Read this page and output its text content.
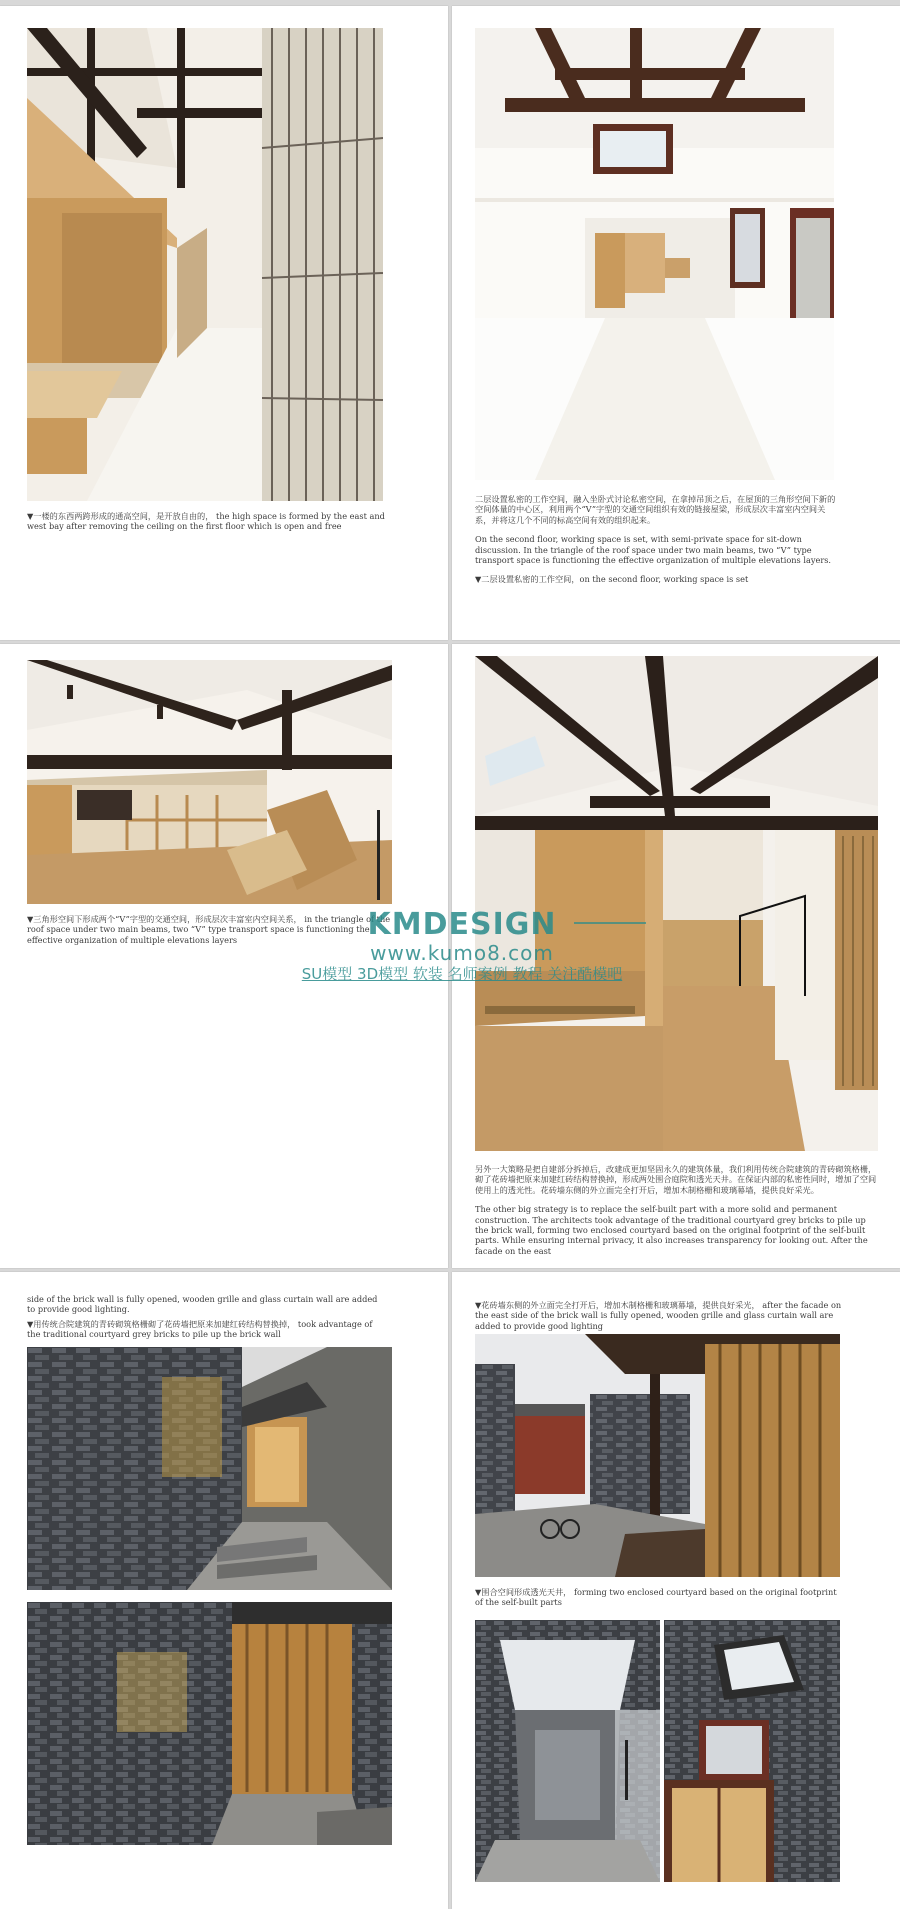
▼一楼的东西两跨形成的通高空间，是开放自由的， the high space is formed by the east and west bay after removing the ceiling on the first floor which is open and free

二层设置私密的工作空间，融入坐卧式讨论私密空间，在拿掉吊顶之后，在屋顶的三角形空间下新的空间体量的中心区，利用两个“V”字型的交通空间组织有效的链接屋梁，形成层次丰富室内空间关系，并将这几个不同的标高空间有效的组织起来。

On the second floor, working space is set, with semi-private space for sit-down discussion. In the triangle of the roof space under two main beams, two “V” type transport space is functioning the effective organization of multiple elevations layers.

▼二层设置私密的工作空间，on the second floor, working space is set

▼三角形空间下形成两个“V”字型的交通空间，形成层次丰富室内空间关系， in the triangle of the roof space under two main beams, two “V” type transport space is functioning the effective organization of multiple elevations layers

另外一大策略是把自建部分拆掉后，改建成更加坚固永久的建筑体量，我们利用传统合院建筑的青砖砌筑格栅，砌了花砖墙把原来加建红砖结构替换掉，形成两处围合庭院和透光天井。在保证内部的私密性同时，增加了空间使用上的透光性。花砖墙东侧的外立面完全打开后，增加木制格栅和玻璃幕墙，提供良好采光。

The other big strategy is to replace the self-built part with a more solid and permanent construction. The architects took advantage of the traditional courtyard grey bricks to pile up the brick wall, forming two enclosed courtyard based on the original footprint of the self-built parts. While ensuring internal privacy, it also increases transparency for looking out. After the facade on the east

side of the brick wall is fully opened, wooden grille and glass curtain wall are added to provide good lighting.

▼用传统合院建筑的青砖砌筑格栅砌了花砖墙把原来加建红砖结构替换掉， took advantage of the traditional courtyard grey bricks to pile up the brick wall

▼花砖墙东侧的外立面完全打开后，增加木制格栅和玻璃幕墙，提供良好采光， after the facade on the east side of the brick wall is fully opened, wooden grille and glass curtain wall are added to provide good lighting
▼围合空间形成透光天井， forming two enclosed courtyard based on the original footprint of the self-built parts
KMDESIGN
www.kumo8.com
SU模型 3D模型 软装 名师案例 教程 关注酷模吧
